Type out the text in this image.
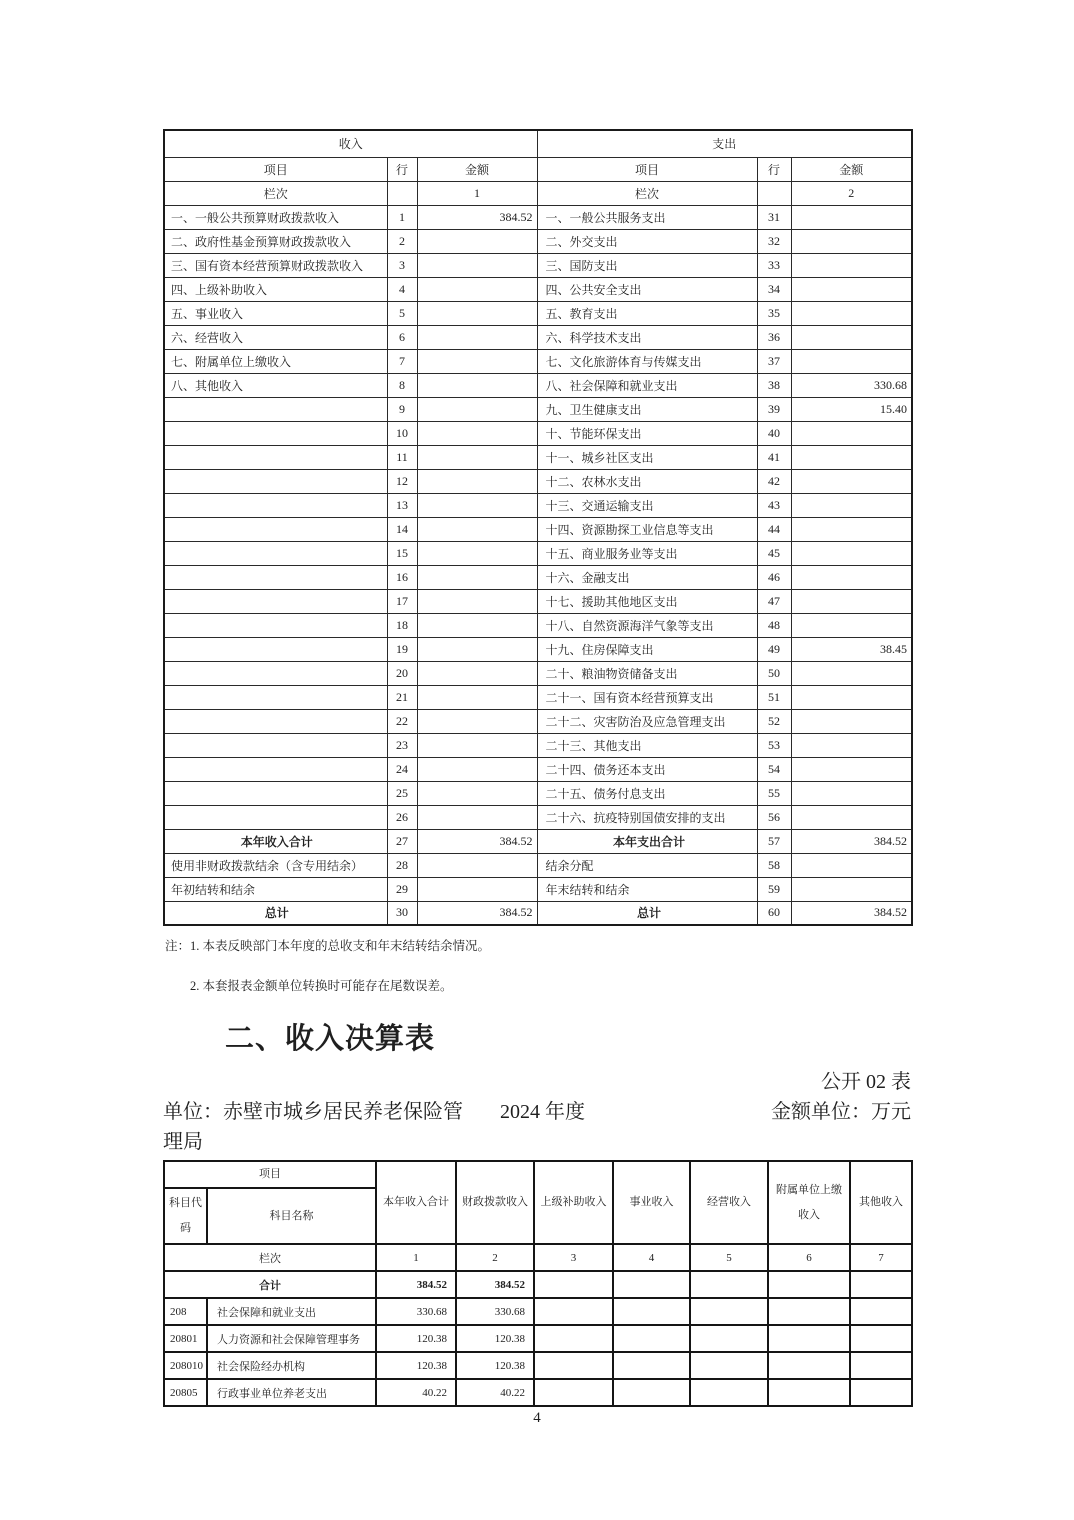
收入			支出		
项目	行	金额	项目	行	金额
栏次		1	栏次		2
一、一般公共预算财政拨款收入	1	384.52	一、一般公共服务支出	31	
二、政府性基金预算财政拨款收入	2		二、外交支出	32	
三、国有资本经营预算财政拨款收入	3		三、国防支出	33	
四、上级补助收入	4		四、公共安全支出	34	
五、事业收入	5		五、教育支出	35	
六、经营收入	6		六、科学技术支出	36	
七、附属单位上缴收入	7		七、文化旅游体育与传媒支出	37	
八、其他收入	8		八、社会保障和就业支出	38	330.68
	9		九、卫生健康支出	39	15.40
	10		十、节能环保支出	40	
	11		十一、城乡社区支出	41	
	12		十二、农林水支出	42	
	13		十三、交通运输支出	43	
	14		十四、资源勘探工业信息等支出	44	
	15		十五、商业服务业等支出	45	
	16		十六、金融支出	46	
	17		十七、援助其他地区支出	47	
	18		十八、自然资源海洋气象等支出	48	
	19		十九、住房保障支出	49	38.45
	20		二十、粮油物资储备支出	50	
	21		二十一、国有资本经营预算支出	51	
	22		二十二、灾害防治及应急管理支出	52	
	23		二十三、其他支出	53	
	24		二十四、债务还本支出	54	
	25		二十五、债务付息支出	55	
	26		二十六、抗疫特别国债安排的支出	56	
本年收入合计	27	384.52	本年支出合计	57	384.52
使用非财政拨款结余（含专用结余）	28		结余分配	58	
年初结转和结余	29		年末结转和结余	59	
总计	30	384.52	总计	60	384.52

注：1. 本表反映部门本年度的总收支和年末结转结余情况。

2. 本套报表金额单位转换时可能存在尾数误差。

二、收入决算表
公开 02 表
单位：赤壁市城乡居民养老保险管理局
2024 年度	金额单位：万元
项目		本年收入合计	财政拨款收入	上级补助收入	事业收入	经营收入	附属单位上缴收入	其他收入
科目代码	科目名称							
栏次		1	2	3	4	5	6	7
合计		384.52	384.52					
208	社会保障和就业支出	330.68	330.68					
20801	人力资源和社会保障管理事务	120.38	120.38					
208010	社会保险经办机构	120.38	120.38					
20805	行政事业单位养老支出	40.22	40.22					
4
